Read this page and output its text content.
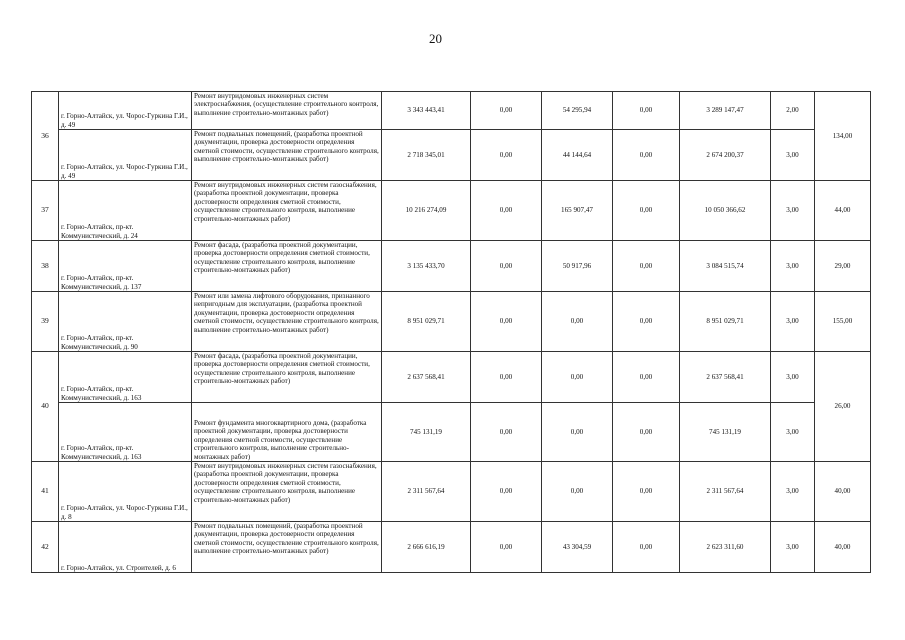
20
36	г. Горно-Алтайск, ул. Чорос-Гуркина Г.И., д. 49	Ремонт внутридомовых инженерных систем электроснабжения, (осуществление строительного контроля, выполнение строительно-монтажных работ)	3 343 443,41	0,00	54 295,94	0,00	3 289 147,47	2,00	134,00
	г. Горно-Алтайск, ул. Чорос-Гуркина Г.И., д. 49	Ремонт подвальных помещений, (разработка проектной документации, проверка достоверности определения сметной стоимости, осуществление строительного контроля, выполнение строительно-монтажных работ)	2 718 345,01	0,00	44 144,64	0,00	2 674 200,37	3,00	
37	г. Горно-Алтайск, пр-кт. Коммунистический, д. 24	Ремонт внутридомовых инженерных систем газоснабжения, (разработка проектной документации, проверка достоверности определения сметной стоимости, осуществление строительного контроля, выполнение строительно-монтажных работ)	10 216 274,09	0,00	165 907,47	0,00	10 050 366,62	3,00	44,00
38	г. Горно-Алтайск, пр-кт. Коммунистический, д. 137	Ремонт фасада, (разработка проектной документации, проверка достоверности определения сметной стоимости, осуществление строительного контроля, выполнение строительно-монтажных работ)	3 135 433,70	0,00	50 917,96	0,00	3 084 515,74	3,00	29,00
39	г. Горно-Алтайск, пр-кт. Коммунистический, д. 90	Ремонт или замена лифтового оборудования, признанного непригодным для эксплуатации, (разработка проектной документации, проверка достоверности определения сметной стоимости, осуществление строительного контроля, выполнение строительно-монтажных работ)	8 951 029,71	0,00	0,00	0,00	8 951 029,71	3,00	155,00
40	г. Горно-Алтайск, пр-кт. Коммунистический, д. 163	Ремонт фасада, (разработка проектной документации, проверка достоверности определения сметной стоимости, осуществление строительного контроля, выполнение строительно-монтажных работ)	2 637 568,41	0,00	0,00	0,00	2 637 568,41	3,00	26,00
	г. Горно-Алтайск, пр-кт. Коммунистический, д. 163	Ремонт фундамента многоквартирного дома, (разработка проектной документации, проверка достоверности определения сметной стоимости, осуществление строительного контроля, выполнение строительно-монтажных работ)	745 131,19	0,00	0,00	0,00	745 131,19	3,00	
41	г. Горно-Алтайск, ул. Чорос-Гуркина Г.И., д. 8	Ремонт внутридомовых инженерных систем газоснабжения, (разработка проектной документации, проверка достоверности определения сметной стоимости, осуществление строительного контроля, выполнение строительно-монтажных работ)	2 311 567,64	0,00	0,00	0,00	2 311 567,64	3,00	40,00
42	г. Горно-Алтайск, ул. Строителей, д. 6	Ремонт подвальных помещений, (разработка проектной документации, проверка достоверности определения сметной стоимости, осуществление строительного контроля, выполнение строительно-монтажных работ)	2 666 616,19	0,00	43 304,59	0,00	2 623 311,60	3,00	40,00
